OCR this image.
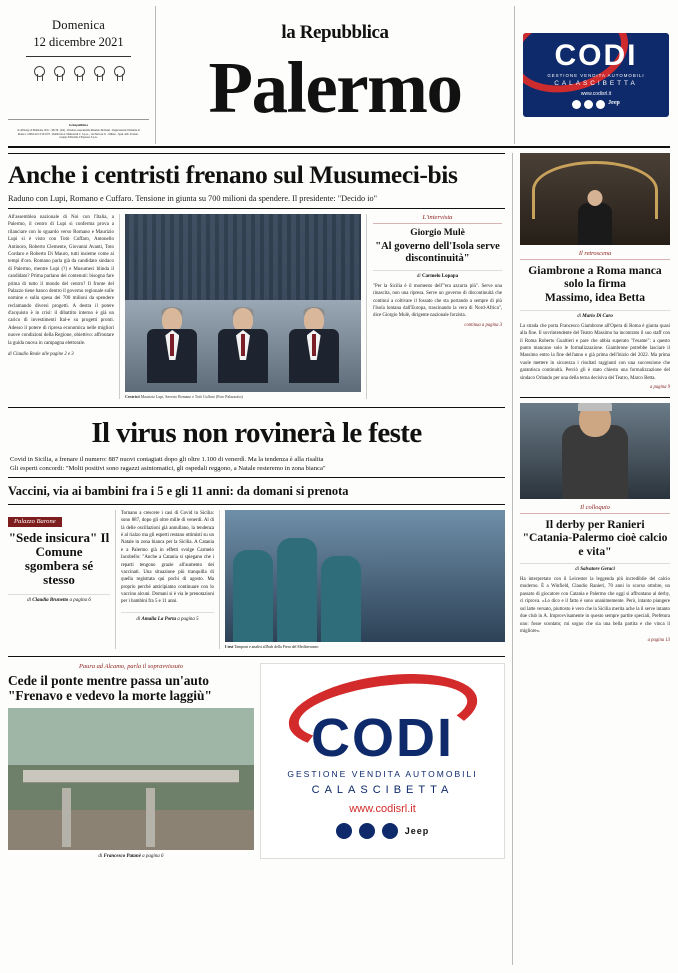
Domenica
12 dicembre 2021
la Repubblica
via Principe di Belmonte 103/c - 90139 - (PA) - Direttore responsabile Maurizio Molinari - Registrazione Tribunale di Roma n. 16064 del 13/10/1975 - Pubblicità A. Manzoni & C. S.p.A. - via Nervesa 21 - Milano - Sped. Abb. Postale - Gruppo Editoriale L'Espresso S.p.A.
la Repubblica
Palermo	CODI
GESTIONE VENDITA AUTOMOBILI
CALASCIBETTA
www.codisrl.it
Jeep
Anche i centristi frenano sul Musumeci-bis
Raduno con Lupi, Romano e Cuffaro. Tensione in giunta su 700 milioni da spendere. Il presidente: "Decido io"
All'assemblea nazionale di Noi con l'Italia, a Palermo, il centro di Lupi si conferma prova a rilanciare con lo sguardo verso Romano e Maurizio Lupi si è visto con Totò Cuffaro, Antonello Antinoro, Roberto Clemente, Giovanni Avanti, Toto Cordaro e Roberto Di Mauro, tutti insieme come ai tempi d'oro. Romano parla già da candidato sindaco di Palermo, mentre Lupi (?) e Musumeci blinda il candidato? Prima parlano dei contenuti: bisogna fare prima di tutto il mondo del centro? Il fronte del Palazzo tiene banco dentro il governo regionale sulle nomine e sulla spesa dei 700 milioni da spendere reclamando diversi progetti. A destra il potere d'acquisto è in crisi: il dibattito interno è già un carico di investimenti Ital-e su progetti pronti. Adesso il potere di ripresa economica nelle migliori nuove condizioni della Regione, obiettivo: affrontare la guida nuova in campagna elettorale.
di Claudio Reale alle pagine 2 e 3
Centristi Maurizio Lupi, Saverio Romano e Totò Cuffaro (Foto Palazzotto)
L'intervista
Giorgio Mulè
"Al governo dell'Isola serve discontinuità"
di Carmelo Lopapa
"Per la Sicilia è il momento dell'"era azzurra più". Serve una rinascita, non una ripresa. Serve un governo di discontinuità che continui a coltivare il fossato che sta portando a sempre di più l'Isola lontana dall'Europa, trascinando la vera di Nord-Africa", dice Giorgio Mulè, dirigente nazionale forzista.
continua a pagina 3
Il virus non rovinerà le feste
Covid in Sicilia, a frenare il numero: 887 nuovi contagiati dopo gli oltre 1.100 di venerdì. Ma la tendenza è alla risalita
Gli esperti concordi: "Molti positivi sono ragazzi asintomatici, gli ospedali reggono, a Natale resteremo in zona bianca"
Vaccini, via ai bambini fra i 5 e gli 11 anni: da domani si prenota
Palazzo Barone
"Sede insicura" Il Comune sgombera sé stesso
di Claudia Brunetto a pagina 6
Tornano a crescere i casi di Covid in Sicilia: sono 887, dopo gli oltre mille di venerdì. Al di là delle oscillazioni già annullano, la tendenza è al rialzo ma gli esperti restano ottimisti su un Natale in zona bianca per la Sicilia. A Catania e a Palermo già in effetti svolge Carmelo Iacobello: "Anche a Catania si spiegano che i reparti tengono grazie all'aumento dei vaccinati. Una situazione più tranquilla di quella registrata qui pochi di agosto. Ma proprio perché anticipiamo continuare con lo vaccino alcuni. Domani si è via le prenotazioni per i bambini fra 5 e 11 anni.
di Amalia La Porta a pagina 5
I test Tamponi e analisi all'hub della Fiera del Mediterraneo
Paura ad Alcamo, parla il sopravvissuto
Cede il ponte mentre passa un'auto "Frenavo e vedevo la morte laggiù"
di Francesco Patanè a pagina 6
CODI
GESTIONE VENDITA AUTOMOBILI
CALASCIBETTA
www.codisrl.it
Jeep
Il retroscena
Giambrone a Roma manca solo la firma
Massimo, idea Betta
di Mario Di Caro
La strada che porta Francesco Giambrone all'Opera di Roma è giunta quasi alla fine. Il sovrintendente del Teatro Massimo ha incontrato il suo staff con il Roma Roberto Gualtieri e pare che abbia superato "l'esame": a questo punto mancano solo le formalizzazione. Giambrone potrebbe lasciare il Massimo entro la fine dell'anno o già prima dell'inizio del 2022. Ma prima vuole mettere in sicurezza i risultati raggiunti con una successione che garantisca continuità. Perciò gli è stato chiesto una formalizzazione del sindaco Orlando per una della terna decisiva del Teatro, Marco Betta.
a pagina 9
Il colloquio
Il derby per Ranieri "Catania-Palermo cioè calcio e vita"
di Salvatore Geraci
Ha interpretato con il Leicester la leggenda più incredibile del calcio moderno. È a Winfield, Claudio Ranieri, 70 anni lo scorso ottobre, un passato di giocatore con Catania e Palermo che oggi si affrontano al derby, ci riprova. «Lo dico e il fatto è sono unanimemente. Però, intanto piangere sul latte versato, piuttosto è vero che la Sicilia merita ache la il serve intanto due club in A. Improvvisamente in questo sempre partite speciali, Prefetura uno: fosse scontato; mi sogno che sia una bella partita e che vinca il migliore».
a pagina 13
